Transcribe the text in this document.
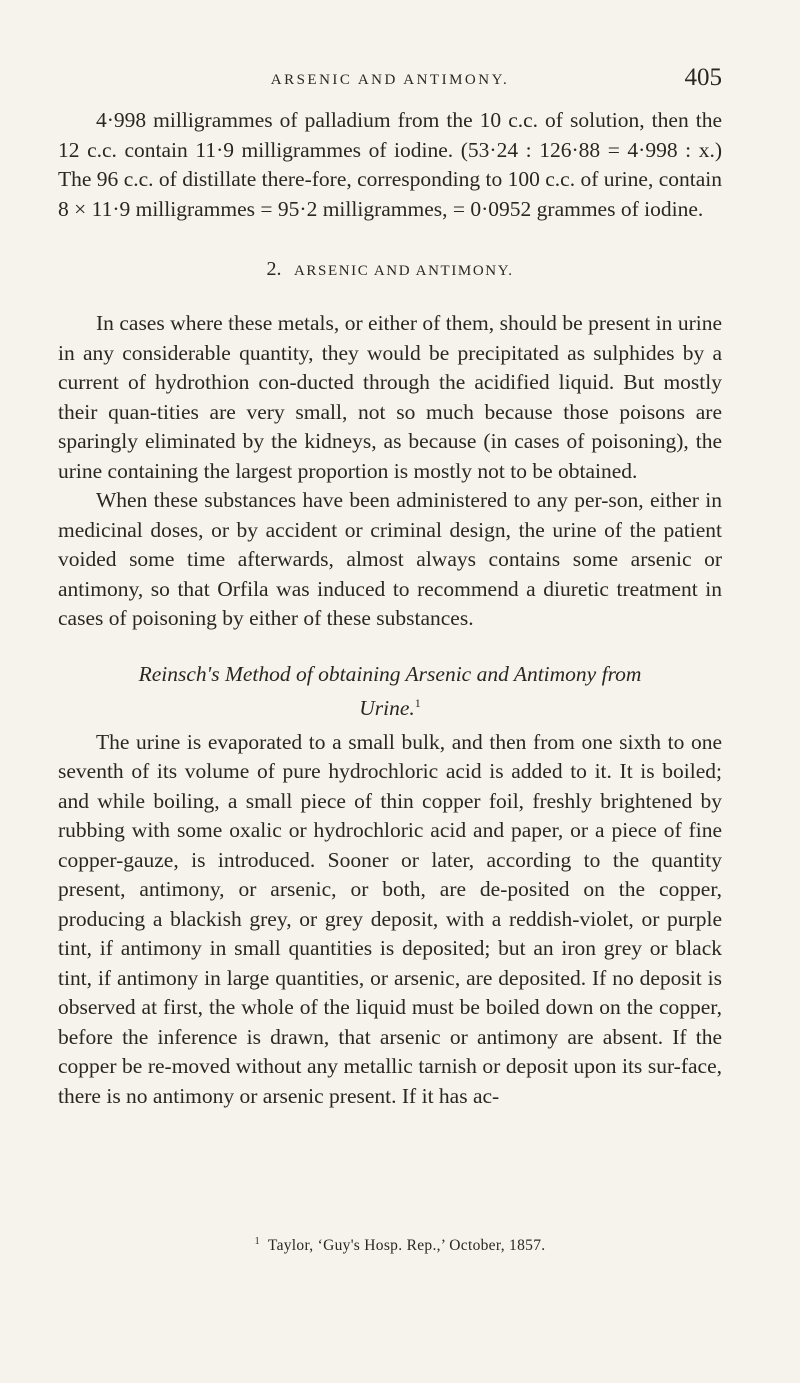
ARSENIC AND ANTIMONY.	405

4·998 milligrammes of palladium from the 10 c.c. of solution, then the 12 c.c. contain 11·9 milligrammes of iodine. (53·24 : 126·88 = 4·998 : x.) The 96 c.c. of distillate there-fore, corresponding to 100 c.c. of urine, contain 8 × 11·9 milligrammes = 95·2 milligrammes, = 0·0952 grammes of iodine.

2. ARSENIC AND ANTIMONY.

In cases where these metals, or either of them, should be present in urine in any considerable quantity, they would be precipitated as sulphides by a current of hydrothion con-ducted through the acidified liquid. But mostly their quan-tities are very small, not so much because those poisons are sparingly eliminated by the kidneys, as because (in cases of poisoning), the urine containing the largest proportion is mostly not to be obtained.

When these substances have been administered to any per-son, either in medicinal doses, or by accident or criminal design, the urine of the patient voided some time afterwards, almost always contains some arsenic or antimony, so that Orfila was induced to recommend a diuretic treatment in cases of poisoning by either of these substances.

Reinsch's Method of obtaining Arsenic and Antimony from
Urine.$^1$

The urine is evaporated to a small bulk, and then from one sixth to one seventh of its volume of pure hydrochloric acid is added to it. It is boiled; and while boiling, a small piece of thin copper foil, freshly brightened by rubbing with some oxalic or hydrochloric acid and paper, or a piece of fine copper-gauze, is introduced. Sooner or later, according to the quantity present, antimony, or arsenic, or both, are de-posited on the copper, producing a blackish grey, or grey deposit, with a reddish-violet, or purple tint, if antimony in small quantities is deposited; but an iron grey or black tint, if antimony in large quantities, or arsenic, are deposited. If no deposit is observed at first, the whole of the liquid must be boiled down on the copper, before the inference is drawn, that arsenic or antimony are absent. If the copper be re-moved without any metallic tarnish or deposit upon its sur-face, there is no antimony or arsenic present. If it has ac-

$^1$ Taylor, ‘Guy's Hosp. Rep.,’ October, 1857.
